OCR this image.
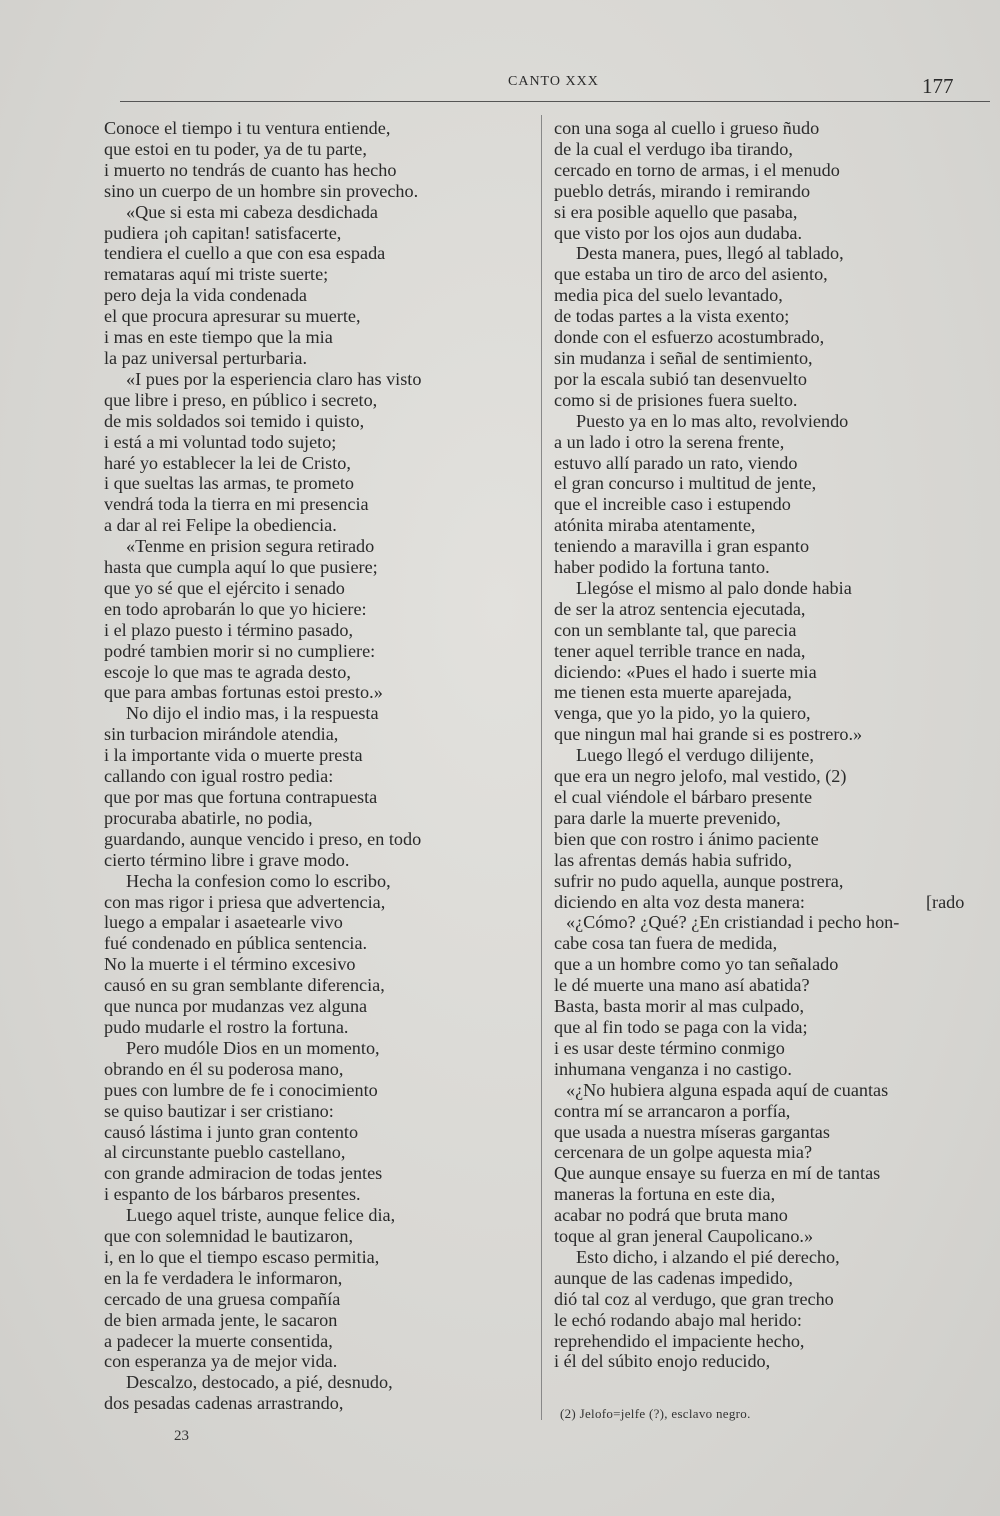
CANTO XXX	177
Conoce el tiempo i tu ventura entiende,
que estoi en tu poder, ya de tu parte,
i muerto no tendrás de cuanto has hecho
sino un cuerpo de un hombre sin provecho.
«Que si esta mi cabeza desdichada
pudiera ¡oh capitan! satisfacerte,
tendiera el cuello a que con esa espada
remataras aquí mi triste suerte;
pero deja la vida condenada
el que procura apresurar su muerte,
i mas en este tiempo que la mia
la paz universal perturbaria.
«I pues por la esperiencia claro has visto
que libre i preso, en público i secreto,
de mis soldados soi temido i quisto,
i está a mi voluntad todo sujeto;
haré yo establecer la lei de Cristo,
i que sueltas las armas, te prometo
vendrá toda la tierra en mi presencia
a dar al rei Felipe la obediencia.
«Tenme en prision segura retirado
hasta que cumpla aquí lo que pusiere;
que yo sé que el ejército i senado
en todo aprobarán lo que yo hiciere:
i el plazo puesto i término pasado,
podré tambien morir si no cumpliere:
escoje lo que mas te agrada desto,
que para ambas fortunas estoi presto.»
No dijo el indio mas, i la respuesta
sin turbacion mirándole atendia,
i la importante vida o muerte presta
callando con igual rostro pedia:
que por mas que fortuna contrapuesta
procuraba abatirle, no podia,
guardando, aunque vencido i preso, en todo
cierto término libre i grave modo.
Hecha la confesion como lo escribo,
con mas rigor i priesa que advertencia,
luego a empalar i asaetearle vivo
fué condenado en pública sentencia.
No la muerte i el término excesivo
causó en su gran semblante diferencia,
que nunca por mudanzas vez alguna
pudo mudarle el rostro la fortuna.
Pero mudóle Dios en un momento,
obrando en él su poderosa mano,
pues con lumbre de fe i conocimiento
se quiso bautizar i ser cristiano:
causó lástima i junto gran contento
al circunstante pueblo castellano,
con grande admiracion de todas jentes
i espanto de los bárbaros presentes.
Luego aquel triste, aunque felice dia,
que con solemnidad le bautizaron,
i, en lo que el tiempo escaso permitia,
en la fe verdadera le informaron,
cercado de una gruesa compañía
de bien armada jente, le sacaron
a padecer la muerte consentida,
con esperanza ya de mejor vida.
Descalzo, destocado, a pié, desnudo,
dos pesadas cadenas arrastrando,
con una soga al cuello i grueso ñudo
de la cual el verdugo iba tirando,
cercado en torno de armas, i el menudo
pueblo detrás, mirando i remirando
si era posible aquello que pasaba,
que visto por los ojos aun dudaba.
Desta manera, pues, llegó al tablado,
que estaba un tiro de arco del asiento,
media pica del suelo levantado,
de todas partes a la vista exento;
donde con el esfuerzo acostumbrado,
sin mudanza i señal de sentimiento,
por la escala subió tan desenvuelto
como si de prisiones fuera suelto.
Puesto ya en lo mas alto, revolviendo
a un lado i otro la serena frente,
estuvo allí parado un rato, viendo
el gran concurso i multitud de jente,
que el increible caso i estupendo
atónita miraba atentamente,
teniendo a maravilla i gran espanto
haber podido la fortuna tanto.
Llegóse el mismo al palo donde habia
de ser la atroz sentencia ejecutada,
con un semblante tal, que parecia
tener aquel terrible trance en nada,
diciendo: «Pues el hado i suerte mia
me tienen esta muerte aparejada,
venga, que yo la pido, yo la quiero,
que ningun mal hai grande si es postrero.»
Luego llegó el verdugo dilijente,
que era un negro jelofo, mal vestido, (2)
el cual viéndole el bárbaro presente
para darle la muerte prevenido,
bien que con rostro i ánimo paciente
las afrentas demás habia sufrido,
sufrir no pudo aquella, aunque postrera,
diciendo en alta voz desta manera:	[rado
«¿Cómo? ¿Qué? ¿En cristiandad i pecho hon-
cabe cosa tan fuera de medida,
que a un hombre como yo tan señalado
le dé muerte una mano así abatida?
Basta, basta morir al mas culpado,
que al fin todo se paga con la vida;
i es usar deste término conmigo
inhumana venganza i no castigo.
«¿No hubiera alguna espada aquí de cuantas
contra mí se arrancaron a porfía,
que usada a nuestra míseras gargantas
cercenara de un golpe aquesta mia?
Que aunque ensaye su fuerza en mí de tantas
maneras la fortuna en este dia,
acabar no podrá que bruta mano
toque al gran jeneral Caupolicano.»
Esto dicho, i alzando el pié derecho,
aunque de las cadenas impedido,
dió tal coz al verdugo, que gran trecho
le echó rodando abajo mal herido:
reprehendido el impaciente hecho,
i él del súbito enojo reducido,
(2) Jelofo=jelfe (?), esclavo negro.
23
